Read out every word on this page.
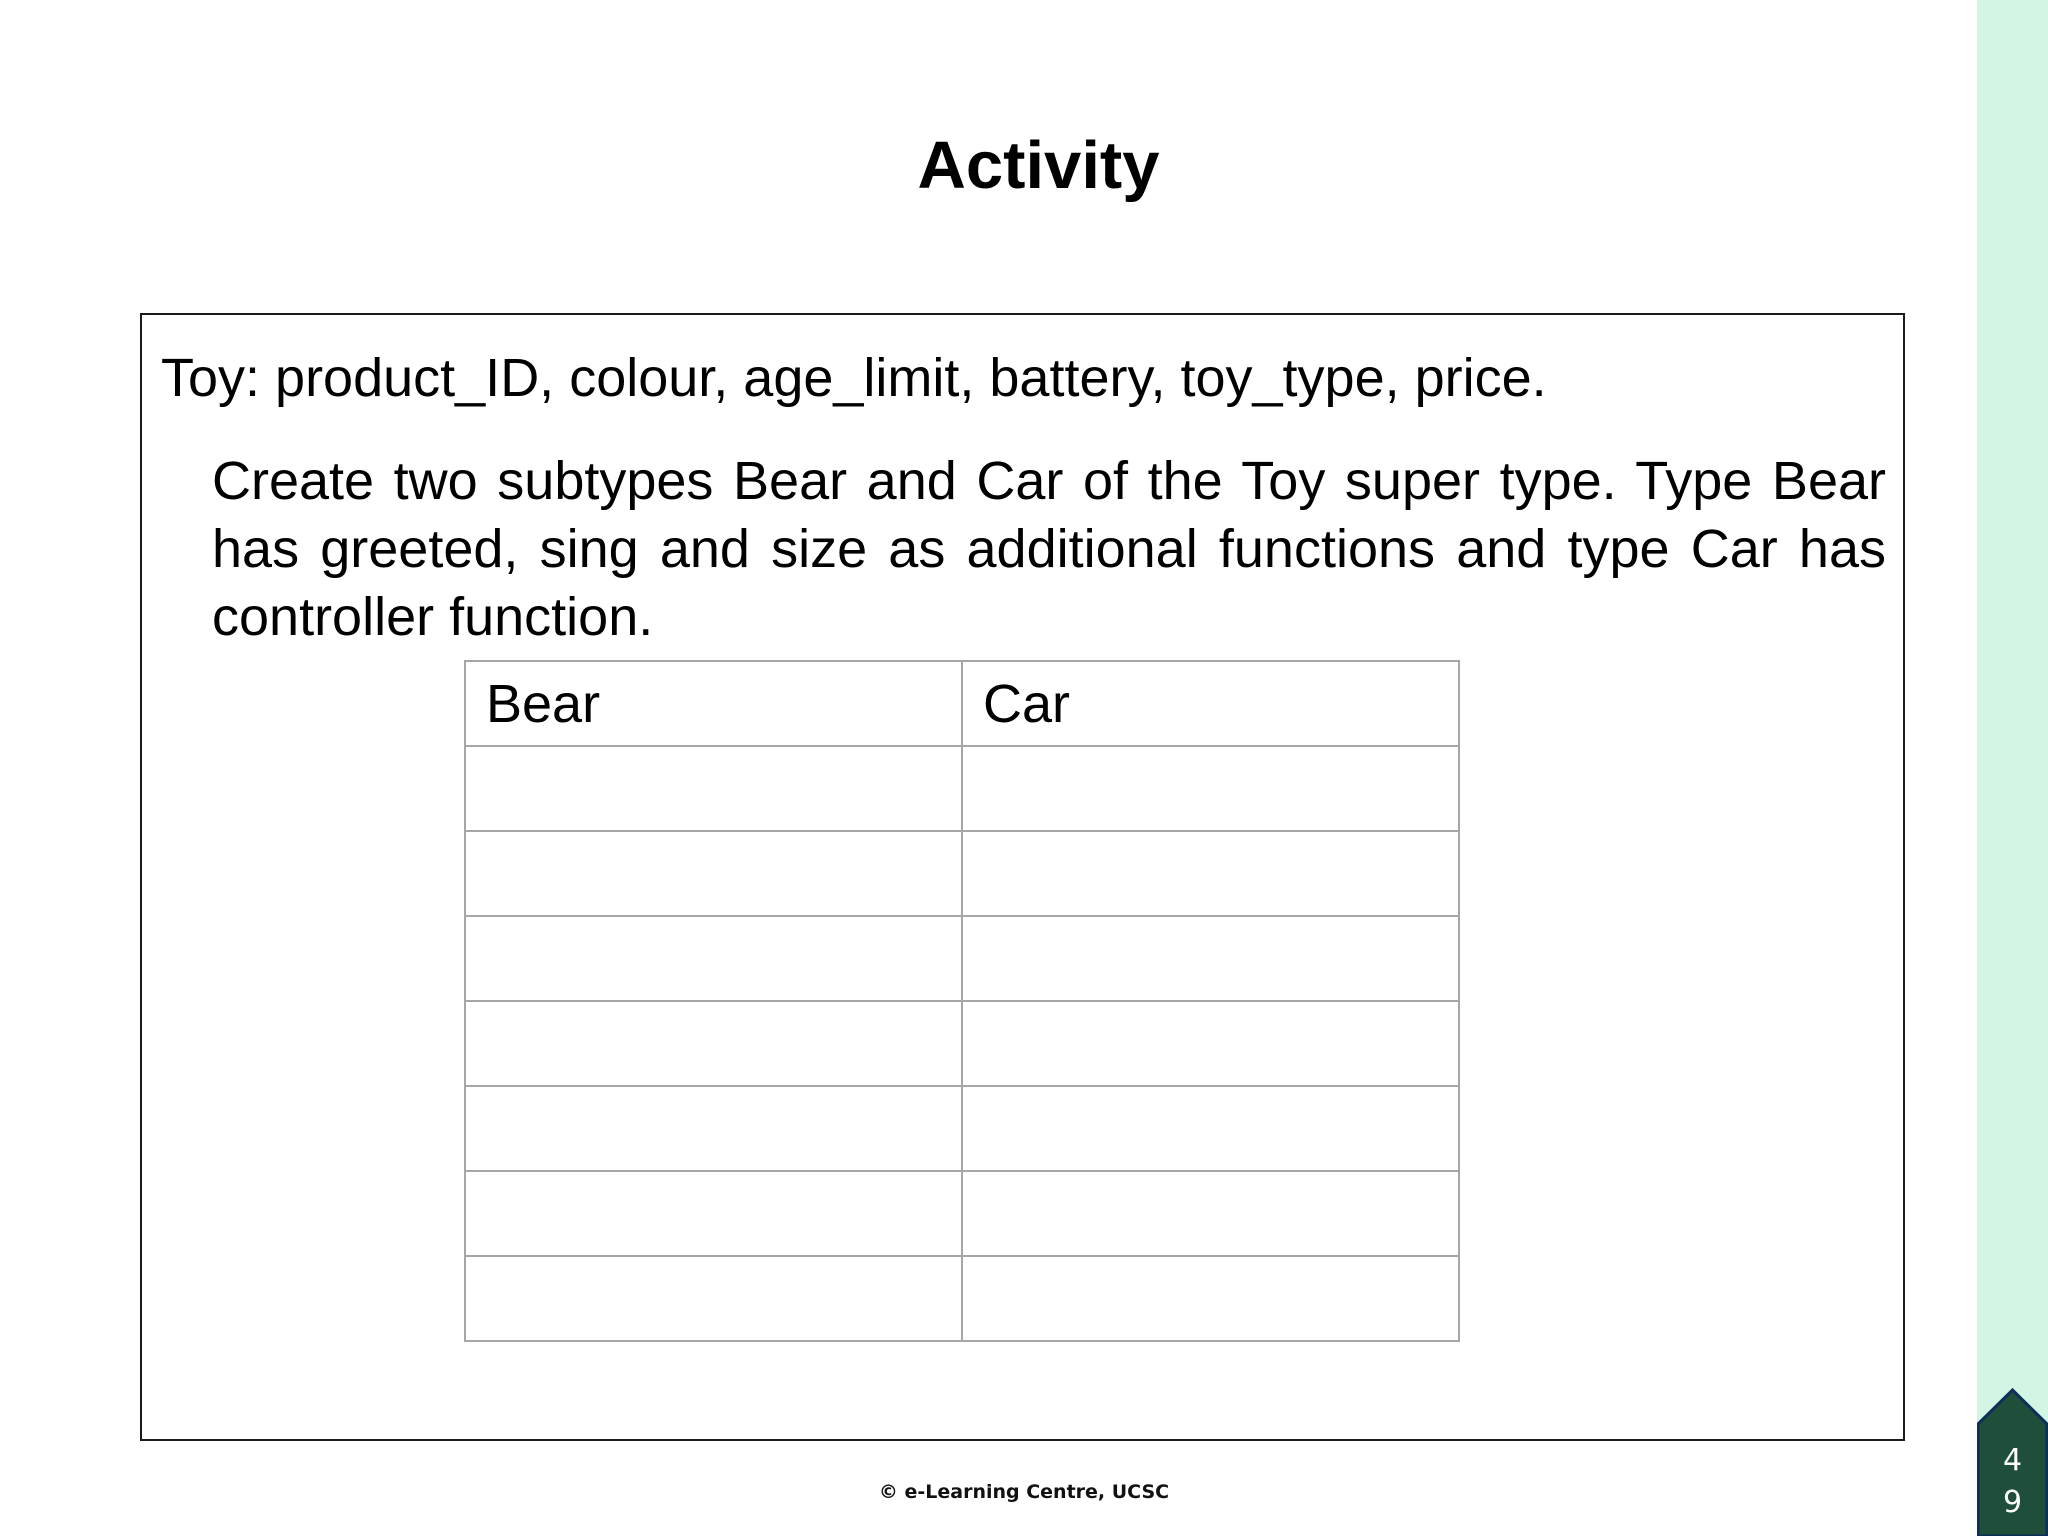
Activity

Toy: product_ID, colour, age_limit, battery, toy_type, price.

Create two subtypes Bear and Car of the Toy super type. Type Bear has greeted, sing and size as additional functions and type Car has controller function.

Bear	Car

© e-Learning Centre, UCSC

4
9
